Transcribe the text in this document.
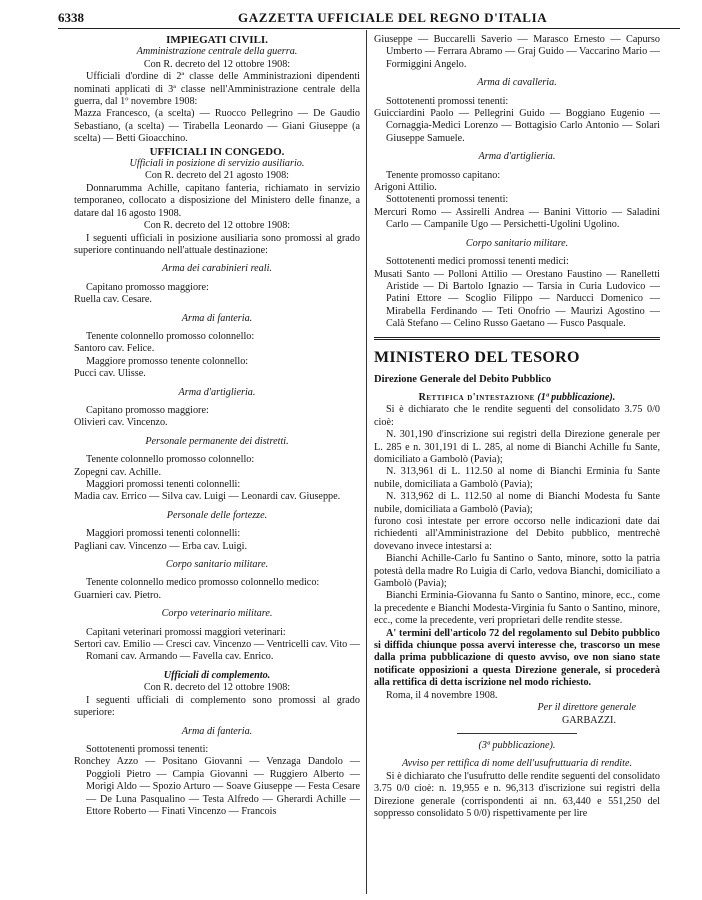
6338	GAZZETTA UFFICIALE DEL REGNO D'ITALIA

IMPIEGATI CIVILI.

Amministrazione centrale della guerra.

Con R. decreto del 12 ottobre 1908:

Ufficiali d'ordine di 2ª classe delle Amministrazioni dipendenti nominati applicati di 3ª classe nell'Amministrazione centrale della guerra, dal 1º novembre 1908:

Mazza Francesco, (a scelta) — Ruocco Pellegrino — De Gaudio Sebastiano, (a scelta) — Tirabella Leonardo — Giani Giuseppe (a scelta) — Betti Gioacchino.

UFFICIALI IN CONGEDO.

Ufficiali in posizione di servizio ausiliario.

Con R. decreto del 21 agosto 1908:

Donnarumma Achille, capitano fanteria, richiamato in servizio temporaneo, collocato a disposizione del Ministero delle finanze, a datare dal 16 agosto 1908.

Con R. decreto del 12 ottobre 1908:

I seguenti ufficiali in posizione ausiliaria sono promossi al grado superiore continuando nell'attuale destinazione:

Arma dei carabinieri reali.

Capitano promosso maggiore:

Ruella cav. Cesare.

Arma di fanteria.

Tenente colonnello promosso colonnello:

Santoro cav. Felice.

Maggiore promosso tenente colonnello:

Pucci cav. Ulisse.

Arma d'artiglieria.

Capitano promosso maggiore:

Olivieri cav. Vincenzo.

Personale permanente dei distretti.

Tenente colonnello promosso colonnello:

Zopegni cav. Achille.

Maggiori promossi tenenti colonnelli:

Madia cav. Errico — Silva cav. Luigi — Leonardi cav. Giuseppe.

Personale delle fortezze.

Maggiori promossi tenenti colonnelli:

Pagliani cav. Vincenzo — Erba cav. Luigi.

Corpo sanitario militare.

Tenente colonnello medico promosso colonnello medico:

Guarnieri cav. Pietro.

Corpo veterinario militare.

Capitani veterinari promossi maggiori veterinari:

Sertori cav. Emilio — Cresci cav. Vincenzo — Ventricelli cav. Vito — Romani cav. Armando — Favella cav. Enrico.

Ufficiali di complemento.

Con R. decreto del 12 ottobre 1908:

I seguenti ufficiali di complemento sono promossi al grado superiore:

Arma di fanteria.

Sottotenenti promossi tenenti:

Ronchey Azzo — Positano Giovanni — Venzaga Dandolo — Poggioli Pietro — Campia Giovanni — Ruggiero Alberto — Morigi Aldo — Spozio Arturo — Soave Giuseppe — Festa Cesare — De Luna Pasqualino — Testa Alfredo — Gherardi Achille — Ettore Roberto — Finati Vincenzo — Francois

Giuseppe — Buccarelli Saverio — Marasco Ernesto — Capurso Umberto — Ferrara Abramo — Graj Guido — Vaccarino Mario — Formiggini Angelo.

Arma di cavalleria.

Sottotenenti promossi tenenti:

Guicciardini Paolo — Pellegrini Guido — Boggiano Eugenio — Cornaggia-Medici Lorenzo — Bottagisio Carlo Antonio — Solari Giuseppe Samuele.

Arma d'artiglieria.

Tenente promosso capitano:

Arigoni Attilio.

Sottotenenti promossi tenenti:

Mercuri Romo — Assirelli Andrea — Banini Vittorio — Saladini Carlo — Campanile Ugo — Persichetti-Ugolini Ugolino.

Corpo sanitario militare.

Sottotenenti medici promossi tenenti medici:

Musati Santo — Polloni Attilio — Orestano Faustino — Ranelletti Aristide — Di Bartolo Ignazio — Tarsia in Curia Ludovico — Patini Ettore — Scoglio Filippo — Narducci Domenico — Mirabella Ferdinando — Teti Onofrio — Maurizi Agostino — Calà Stefano — Celino Russo Gaetano — Fusco Pasquale.

MINISTERO DEL TESORO

Direzione Generale del Debito Pubblico

Rettifica d'intestazione (1ª pubblicazione).

Si è dichiarato che le rendite seguenti del consolidato 3.75 0/0 cioè:

N. 301,190 d'inscrizione sui registri della Direzione generale per L. 285 e n. 301,191 di L. 285, al nome di Bianchi Achille fu Sante, domiciliato a Gambolò (Pavia);

N. 313,961 di L. 112.50 al nome di Bianchi Erminia fu Sante nubile, domiciliata a Gambolò (Pavia);

N. 313,962 di L. 112.50 al nome di Bianchi Modesta fu Sante nubile, domiciliata a Gambolò (Pavia);

furono così intestate per errore occorso nelle indicazioni date dai richiedenti all'Amministrazione del Debito pubblico, mentrechè dovevano invece intestarsi a:

Bianchi Achille-Carlo fu Santino o Santo, minore, sotto la patria potestà della madre Ro Luigia di Carlo, vedova Bianchi, domiciliato a Gambolò (Pavia);

Bianchi Erminia-Giovanna fu Santo o Santino, minore, ecc., come la precedente e Bianchi Modesta-Virginia fu Santo o Santino, minore, ecc., come la precedente, veri proprietari delle rendite stesse.

A' termini dell'articolo 72 del regolamento sul Debito pubblico si diffida chiunque possa avervi interesse che, trascorso un mese dalla prima pubblicazione di questo avviso, ove non siano state notificate opposizioni a questa Direzione generale, si procederà alla rettifica di detta iscrizione nel modo richiesto.

Roma, il 4 novembre 1908.

Per il direttore generale

GARBAZZI.

(3ª pubblicazione).

Avviso per rettifica di nome dell'usufruttuaria di rendite.

Si è dichiarato che l'usufrutto delle rendite seguenti del consolidato 3.75 0/0 cioè: n. 19,955 e n. 96,313 d'iscrizione sui registri della Direzione generale (corrispondenti ai nn. 63,440 e 551,250 del soppresso consolidato 5 0/0) rispettivamente per lire
